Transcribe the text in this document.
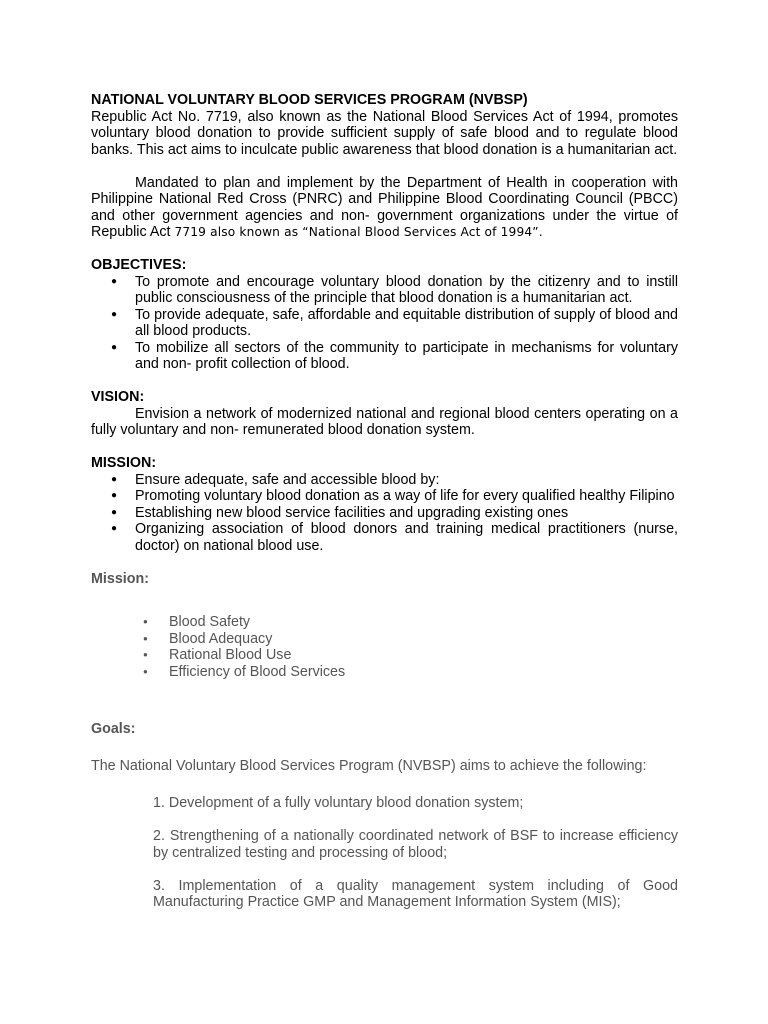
NATIONAL VOLUNTARY BLOOD SERVICES PROGRAM (NVBSP)

Republic Act No. 7719, also known as the National Blood Services Act of 1994, promotes voluntary blood donation to provide sufficient supply of safe blood and to regulate blood banks. This act aims to inculcate public awareness that blood donation is a humanitarian act.

Mandated to plan and implement by the Department of Health in cooperation with Philippine National Red Cross (PNRC) and Philippine Blood Coordinating Council (PBCC) and other government agencies and non- government organizations under the virtue of Republic Act 7719 also known as “National Blood Services Act of 1994”.

OBJECTIVES:

● To promote and encourage voluntary blood donation by the citizenry and to instill public consciousness of the principle that blood donation is a humanitarian act.
● To provide adequate, safe, affordable and equitable distribution of supply of blood and all blood products.
● To mobilize all sectors of the community to participate in mechanisms for voluntary and non- profit collection of blood.

VISION:

Envision a network of modernized national and regional blood centers operating on a fully voluntary and non- remunerated blood donation system.

MISSION:

● Ensure adequate, safe and accessible blood by:
● Promoting voluntary blood donation as a way of life for every qualified healthy Filipino
● Establishing new blood service facilities and upgrading existing ones
● Organizing association of blood donors and training medical practitioners (nurse, doctor) on national blood use.

Mission:

● Blood Safety
● Blood Adequacy
● Rational Blood Use
● Efficiency of Blood Services

Goals:

The National Voluntary Blood Services Program (NVBSP) aims to achieve the following:

1. Development of a fully voluntary blood donation system;

2. Strengthening of a nationally coordinated network of BSF to increase efficiency by centralized testing and processing of blood;

3. Implementation of a quality management system including of Good Manufacturing Practice GMP and Management Information System (MIS);
